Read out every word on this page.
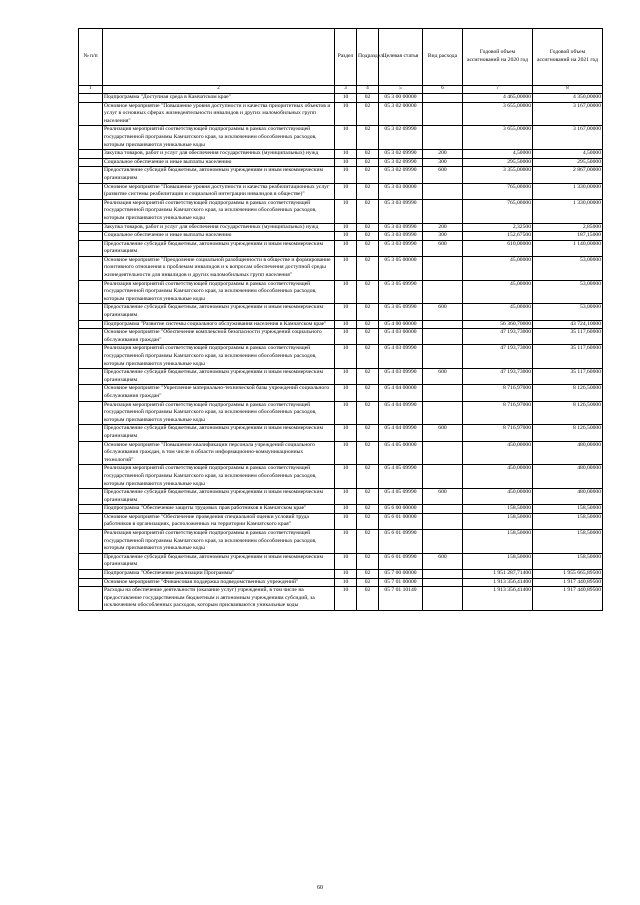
№ п/п		Раздел	Подраздел	Целевая статья	Вид расхода	Годовой объем ассигнований на 2020 год	Годовой объем ассигнований на 2021 год
1	2	3	4	5	6	7	8
	Подпрограмма "Доступная среда в Камчатском крае"	10	02	05 3 00 00000		4 465,00000	4 350,00000
	Основное мероприятие "Повышение уровня доступности и качества приоритетных объектов и услуг в основных сферах жизнедеятельности инвалидов и других маломобильных групп населения"	10	02	05 3 02 00000		3 655,00000	3 167,00000
	Реализация мероприятий соответствующей подпрограммы в рамках соответствующей государственной программы Камчатского края, за исключением обособленных расходов, которым присваиваются уникальные коды	10	02	05 3 02 09990		3 655,00000	3 167,00000
	Закупка товаров, работ и услуг для обеспечения государственных (муниципальных) нужд	10	02	05 3 02 09990	200	4,50000	4,50000
	Социальное обеспечение и иные выплаты населению	10	02	05 3 02 09990	300	295,50000	295,50000
	Предоставление субсидий бюджетным, автономным учреждениям и иным некоммерческим организациям	10	02	05 3 02 09990	600	3 355,00000	2 867,00000
	Основное мероприятие "Повышение уровня доступности и качества реабилитационных услуг (развитие системы реабилитации и социальной интеграции инвалидов в обществе)"	10	02	05 3 03 00000		765,00000	1 330,00000
	Реализация мероприятий соответствующей подпрограммы в рамках соответствующей государственной программы Камчатского края, за исключением обособленных расходов, которым присваиваются уникальные коды	10	02	05 3 03 09990		765,00000	1 330,00000
	Закупка товаров, работ и услуг для обеспечения государственных (муниципальных) нужд	10	02	05 3 03 09990	200	2,32500	2,85000
	Социальное обеспечение и иные выплаты населению	10	02	05 3 03 09990	300	152,67500	187,15000
	Предоставление субсидий бюджетным, автономным учреждениям и иным некоммерческим организациям	10	02	05 3 03 09990	600	610,00000	1 140,00000
	Основное мероприятие "Преодоление социальной разобщенности в обществе и формирование позитивного отношения к проблемам инвалидов и к вопросам обеспечения доступной среды жизнедеятельности для инвалидов и других маломобильных групп населения"	10	02	05 3 05 00000		45,00000	53,00000
	Реализация мероприятий соответствующей подпрограммы в рамках соответствующей государственной программы Камчатского края, за исключением обособленных расходов, которым присваиваются уникальные коды	10	02	05 3 05 09990		45,00000	53,00000
	Предоставление субсидий бюджетным, автономным учреждениям и иным некоммерческим организациям	10	02	05 3 05 09990	600	45,00000	53,00000
	Подпрограмма "Развитие системы социального обслуживания населения в Камчатском крае"	10	02	05 4 00 00000		56 360,70000	43 724,10000
	Основное мероприятие "Обеспечение комплексной безопасности учреждений социального обслуживания граждан"	10	02	05 4 03 00000		47 193,73000	35 117,60000
	Реализация мероприятий соответствующей подпрограммы в рамках соответствующей государственной программы Камчатского края, за исключением обособленных расходов, которым присваиваются уникальные коды	10	02	05 4 03 09990		47 193,73000	35 117,60000
	Предоставление субсидий бюджетным, автономным учреждениям и иным некоммерческим организациям	10	02	05 4 03 09990	600	47 193,73000	35 117,60000
	Основное мероприятие "Укрепление материально-технической базы учреждений социального обслуживания граждан"	10	02	05 4 04 00000		8 716,97000	8 126,50000
	Реализация мероприятий соответствующей подпрограммы в рамках соответствующей государственной программы Камчатского края, за исключением обособленных расходов, которым присваиваются уникальные коды	10	02	05 4 04 09990		8 716,97000	8 126,50000
	Предоставление субсидий бюджетным, автономным учреждениям и иным некоммерческим организациям	10	02	05 4 04 09990	600	8 716,97000	8 126,50000
	Основное мероприятие "Повышение квалификации персонала учреждений социального обслуживания граждан, в том числе в области информационно-коммуникационных технологий"	10	02	05 4 05 00000		450,00000	480,00000
	Реализация мероприятий соответствующей подпрограммы в рамках соответствующей государственной программы Камчатского края, за исключением обособленных расходов, которым присваиваются уникальные коды	10	02	05 4 05 09990		450,00000	480,00000
	Предоставление субсидий бюджетным, автономным учреждениям и иным некоммерческим организациям	10	02	05 4 05 09990	600	450,00000	480,00000
	Подпрограмма "Обеспечение защиты трудовых прав работников в Камчатском крае"	10	02	05 6 00 00000		158,50000	158,50000
	Основное мероприятие "Обеспечение проведения специальной оценки условий труда работников в организациях, расположенных на территории Камчатского края"	10	02	05 6 01 00000		158,50000	158,50000
	Реализация мероприятий соответствующей подпрограммы в рамках соответствующей государственной программы Камчатского края, за исключением обособленных расходов, которым присваиваются уникальные коды	10	02	05 6 01 09990		158,50000	158,50000
	Предоставление субсидий бюджетным, автономным учреждениям и иным некоммерческим организациям	10	02	05 6 01 09990	600	158,50000	158,50000
	Подпрограмма "Обеспечение реализации Программы"	10	02	05 7 00 00000		1 951 287,71400	1 955 665,89500
	Основное мероприятие "Финансовая поддержка подведомственных учреждений"	10	02	05 7 01 00000		1 913 356,41400	1 917 440,89500
	Расходы на обеспечение деятельности (оказание услуг) учреждений, в том числе на предоставление государственным бюджетным и автономным учреждениям субсидий, за исключением обособленных расходов, которым присваиваются уникальные коды	10	02	05 7 01 10140		1 913 356,41400	1 917 440,89500
60
